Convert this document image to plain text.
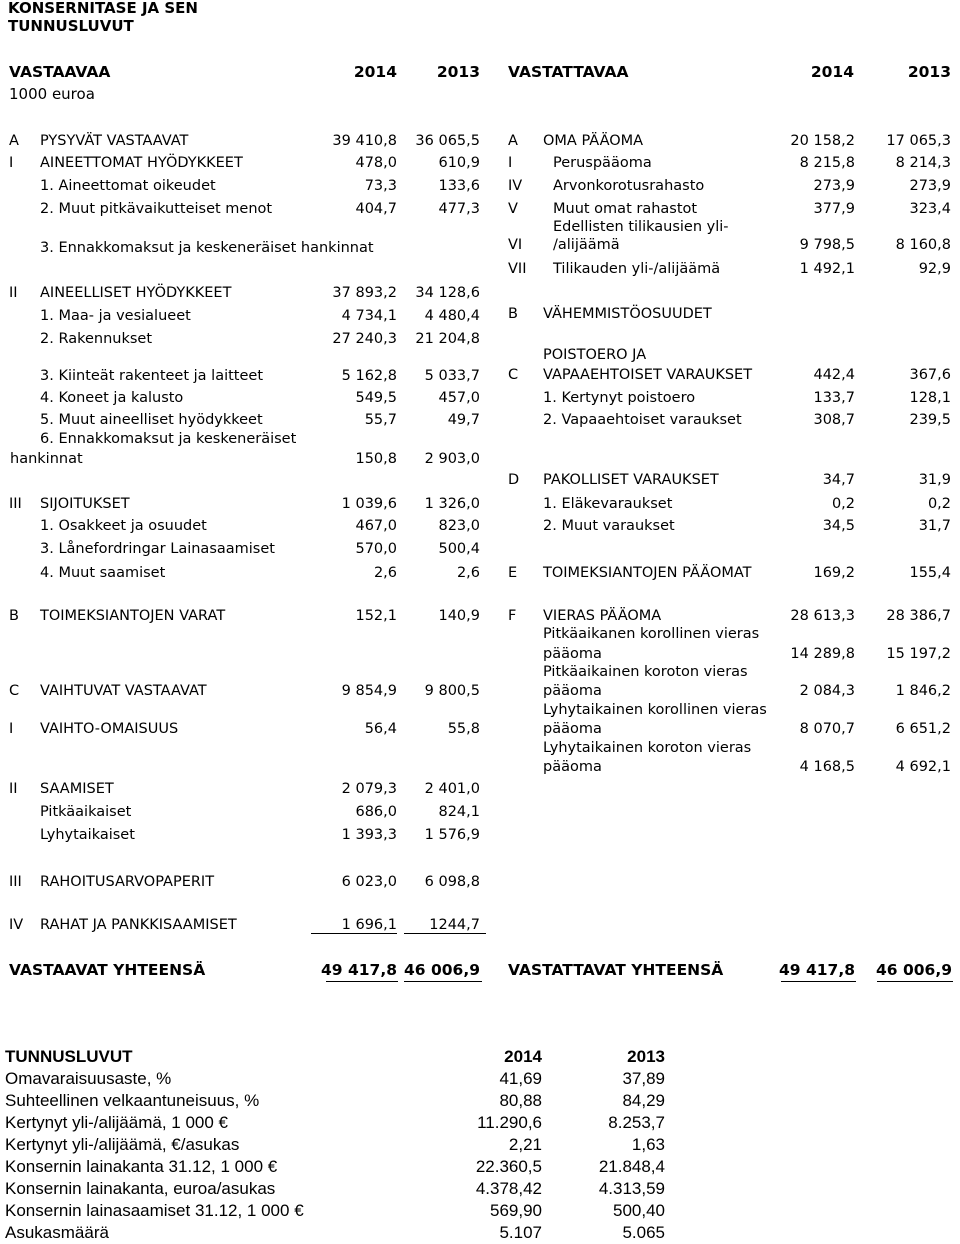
KONSERNITASE JA SEN
TUNNUSLUVUT
VASTAAVAA	2014	2013 VASTATTAVAA	2014	2013
1000 euroa
A PYSYVÄT VASTAAVAT	39 410,8	36 065,5
I AINEETTOMAT HYÖDYKKEET	478,0	610,9
1. Aineettomat oikeudet	73,3	133,6
2. Muut pitkävaikutteiset menot	404,7	477,3
3. Ennakkomaksut ja keskeneräiset hankinnat
II AINEELLISET HYÖDYKKEET	37 893,2	34 128,6
1. Maa- ja vesialueet	4 734,1	4 480,4
2. Rakennukset	27 240,3	21 204,8
3. Kiinteät rakenteet ja laitteet	5 162,8	5 033,7
4. Koneet ja kalusto	549,5	457,0
5. Muut aineelliset hyödykkeet	55,7	49,7
6. Ennakkomaksut ja keskeneräiset
hankinnat	150,8	2 903,0
III SIJOITUKSET	1 039,6	1 326,0
1. Osakkeet ja osuudet	467,0	823,0
3. Lånefordringar Lainasaamiset	570,0	500,4
4. Muut saamiset	2,6	2,6
B TOIMEKSIANTOJEN VARAT	152,1	140,9
C VAIHTUVAT VASTAAVAT	9 854,9	9 800,5
I VAIHTO-OMAISUUS	56,4	55,8
II SAAMISET	2 079,3	2 401,0
Pitkäaikaiset	686,0	824,1
Lyhytaikaiset	1 393,3	1 576,9
III RAHOITUSARVOPAPERIT	6 023,0	6 098,8
IV RAHAT JA PANKKISAAMISET	1 696,1	1244,7
A OMA PÄÄOMA	20 158,2	17 065,3
I	Peruspääoma	8 215,8	8 214,3
IV Arvonkorotusrahasto	273,9	273,9
V Muut omat rahastot	377,9	323,4
Edellisten tilikausien yli-
VI /alijäämä	9 798,5	8 160,8
VII Tilikauden yli-/alijäämä	1 492,1	92,9
B VÄHEMMISTÖOSUUDET
POISTOERO JA
C VAPAAEHTOISET VARAUKSET	442,4	367,6
1. Kertynyt poistoero	133,7	128,1
2. Vapaaehtoiset varaukset	308,7	239,5
D PAKOLLISET VARAUKSET	34,7	31,9
1. Eläkevaraukset	0,2	0,2
2. Muut varaukset	34,5	31,7
E TOIMEKSIANTOJEN PÄÄOMAT	169,2	155,4
F VIERAS PÄÄOMA	28 613,3	28 386,7
Pitkäaikanen korollinen vieras
pääoma	14 289,8	15 197,2
Pitkäaikainen koroton vieras
pääoma	2 084,3	1 846,2
Lyhytaikainen korollinen vieras
pääoma	8 070,7	6 651,2
Lyhytaikainen koroton vieras
pääoma	4 168,5	4 692,1
VASTAAVAT YHTEENSÄ	49 417,8 46 006,9 VASTATTAVAT YHTEENSÄ	49 417,8 46 006,9
TUNNUSLUVUT	2014	2013
Omavaraisuusaste, %	41,69	37,89
Suhteellinen velkaantuneisuus, %	80,88	84,29
Kertynyt yli-/alijäämä, 1 000 €	11.290,6	8.253,7
Kertynyt yli-/alijäämä, €/asukas	2,21	1,63
Konsernin lainakanta 31.12, 1 000 €	22.360,5	21.848,4
Konsernin lainakanta, euroa/asukas	4.378,42	4.313,59
Konsernin lainasaamiset 31.12, 1 000 €	569,90	500,40
Asukasmäärä	5.107	5.065
